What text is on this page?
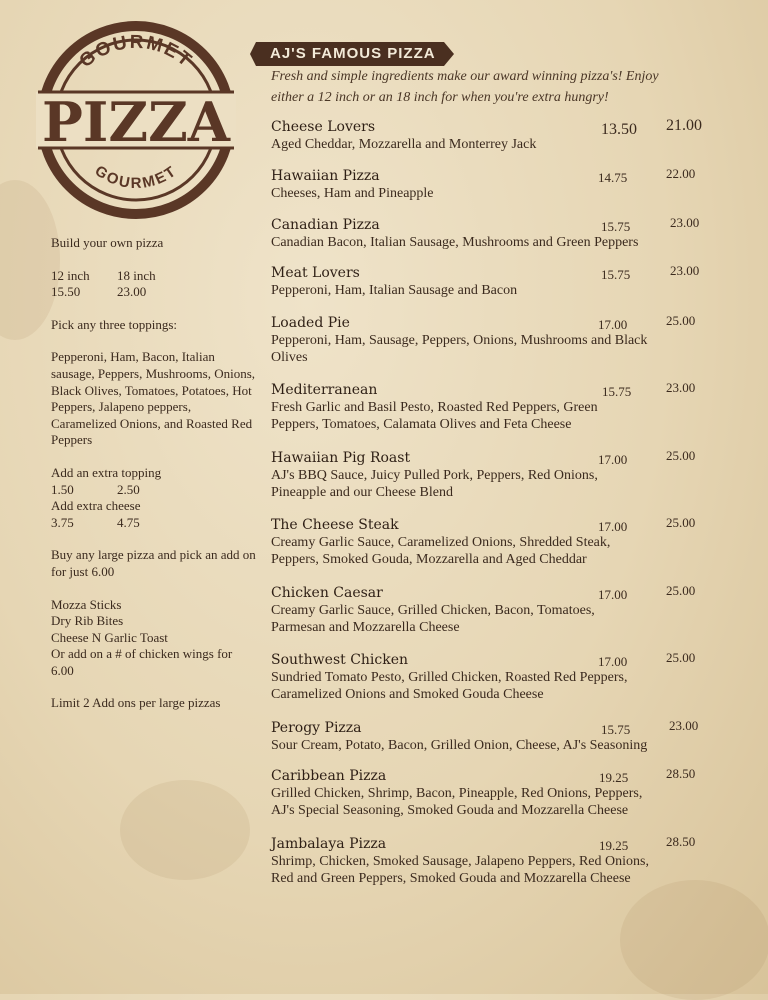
GOURMET
GOURMET
PIZZA

Build your own pizza

12 inch	18 inch
15.50	23.00

Pick any three toppings:

Pepperoni, Ham, Bacon, Italian sausage, Peppers, Mushrooms, Onions, Black Olives, Tomatoes, Potatoes, Hot Peppers, Jalapeno peppers, Caramelized Onions, and Roasted Red Peppers

Add an extra topping

1.50	2.50

Add extra cheese

3.75	4.75

Buy any large pizza and pick an add on for just 6.00

Mozza Sticks

Dry Rib Bites

Cheese N Garlic Toast

Or add on a # of chicken wings for 6.00

Limit 2 Add ons per large pizzas

AJ'S FAMOUS PIZZA
Fresh and simple ingredients make our award winning pizza's! Enjoy either a 12 inch or an 18 inch for when you're extra hungry!
Cheese Lovers
Aged Cheddar, Mozzarella and Monterrey Jack
13.50 21.00
Hawaiian Pizza
Cheeses, Ham and Pineapple
14.75	22.00
Canadian Pizza
Canadian Bacon, Italian Sausage, Mushrooms and Green Peppers
15.75	23.00
Meat Lovers
Pepperoni, Ham, Italian Sausage and Bacon
15.75	23.00
Loaded Pie
Pepperoni, Ham, Sausage, Peppers, Onions, Mushrooms and Black Olives
17.00	25.00
Mediterranean
Fresh Garlic and Basil Pesto, Roasted Red Peppers, Green Peppers, Tomatoes, Calamata Olives and Feta Cheese
15.75	23.00
Hawaiian Pig Roast
AJ's BBQ Sauce, Juicy Pulled Pork, Peppers, Red Onions, Pineapple and our Cheese Blend
17.00	25.00
The Cheese Steak
Creamy Garlic Sauce, Caramelized Onions, Shredded Steak, Peppers, Smoked Gouda, Mozzarella and Aged Cheddar
17.00	25.00
Chicken Caesar
Creamy Garlic Sauce, Grilled Chicken, Bacon, Tomatoes, Parmesan and Mozzarella Cheese
17.00	25.00
Southwest Chicken
Sundried Tomato Pesto, Grilled Chicken, Roasted Red Peppers, Caramelized Onions and Smoked Gouda Cheese
17.00	25.00
Perogy Pizza
Sour Cream, Potato, Bacon, Grilled Onion, Cheese, AJ's Seasoning
15.75	23.00
Caribbean Pizza
Grilled Chicken, Shrimp, Bacon, Pineapple, Red Onions, Peppers, AJ's Special Seasoning, Smoked Gouda and Mozzarella Cheese
19.25	28.50
Jambalaya Pizza
Shrimp, Chicken, Smoked Sausage, Jalapeno Peppers, Red Onions, Red and Green Peppers, Smoked Gouda and Mozzarella Cheese
19.25	28.50
